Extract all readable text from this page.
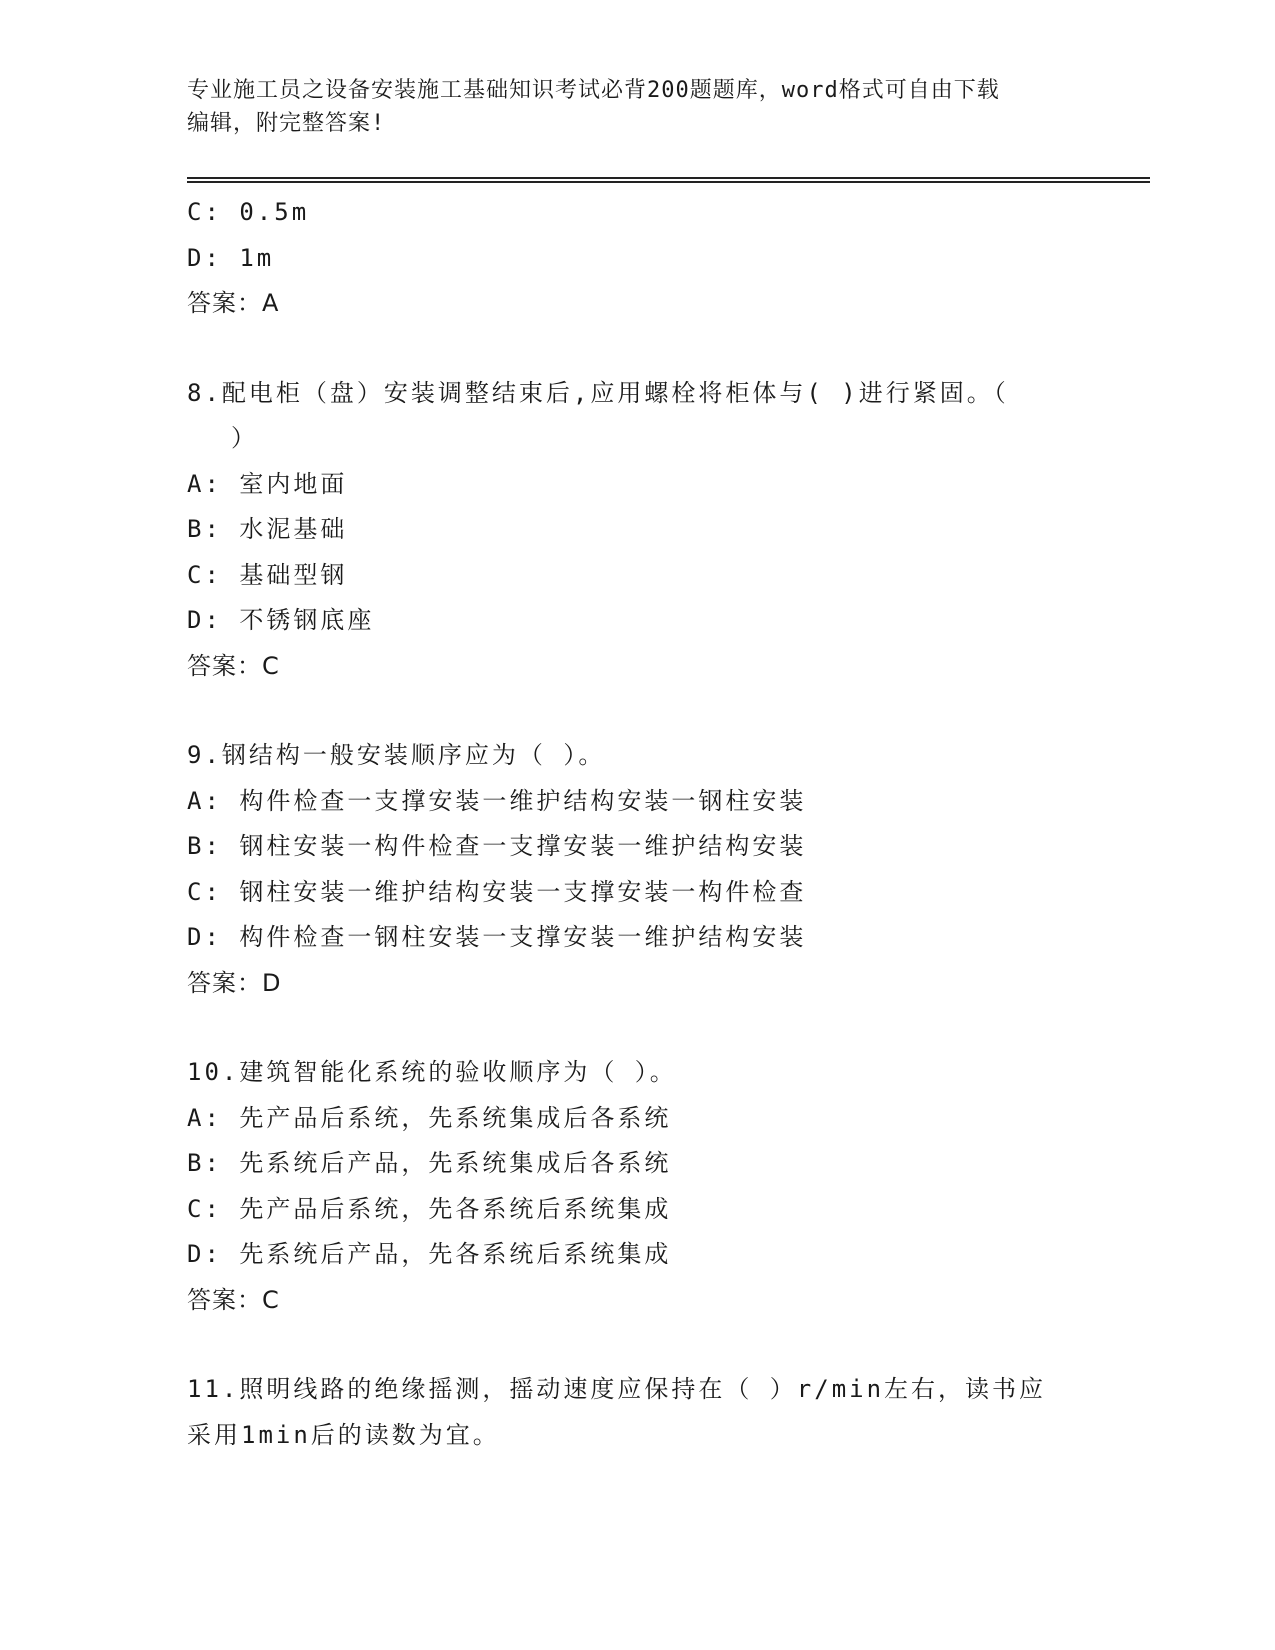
专业施工员之设备安装施工基础知识考试必背200题题库，word格式可自由下载
编辑，附完整答案!
C: 0.5m
D: 1m
答案：A
8.配电柜（盘）安装调整结束后,应用螺栓将柜体与( )进行紧固。（
）
A: 室内地面
B: 水泥基础
C: 基础型钢
D: 不锈钢底座
答案：C
9.钢结构一般安装顺序应为（ ）。
A: 构件检查一支撑安装一维护结构安装一钢柱安装
B: 钢柱安装一构件检查一支撑安装一维护结构安装
C: 钢柱安装一维护结构安装一支撑安装一构件检查
D: 构件检查一钢柱安装一支撑安装一维护结构安装
答案：D
10.建筑智能化系统的验收顺序为（ ）。
A: 先产品后系统，先系统集成后各系统
B: 先系统后产品，先系统集成后各系统
C: 先产品后系统，先各系统后系统集成
D: 先系统后产品，先各系统后系统集成
答案：C
11.照明线路的绝缘摇测，摇动速度应保持在（ ）r/min左右，读书应
采用1min后的读数为宜。
